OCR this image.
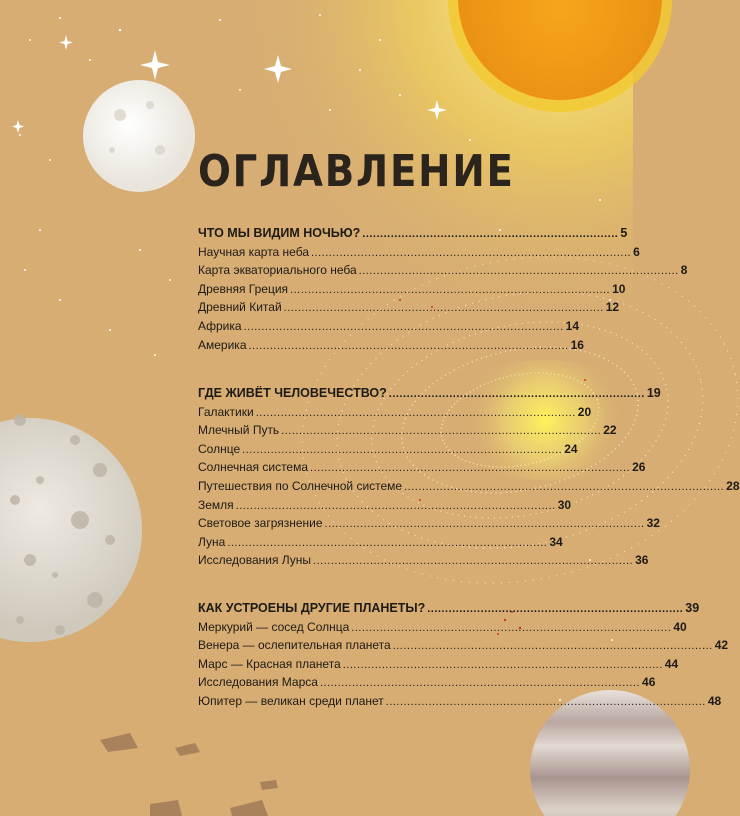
ОГЛАВЛЕНИЕ
ЧТО МЫ ВИДИМ НОЧЬЮ? ........................................................................ 5
Научная карта неба .......................................................................................... 6
Карта экваториального неба .......................................................................................... 8
Древняя Греция .......................................................................................... 10
Древний Китай .......................................................................................... 12
Африка .......................................................................................... 14
Америка .......................................................................................... 16
ГДЕ ЖИВЁТ ЧЕЛОВЕЧЕСТВО? ........................................................................ 19
Галактики .......................................................................................... 20
Млечный Путь .......................................................................................... 22
Солнце .......................................................................................... 24
Солнечная система .......................................................................................... 26
Путешествия по Солнечной системе .......................................................................................... 28
Земля .......................................................................................... 30
Световое загрязнение .......................................................................................... 32
Луна .......................................................................................... 34
Исследования Луны .......................................................................................... 36
КАК УСТРОЕНЫ ДРУГИЕ ПЛАНЕТЫ? ........................................................................ 39
Меркурий — сосед Солнца .......................................................................................... 40
Венера — ослепительная планета .......................................................................................... 42
Марс — Красная планета .......................................................................................... 44
Исследования Марса .......................................................................................... 46
Юпитер — великан среди планет .......................................................................................... 48
